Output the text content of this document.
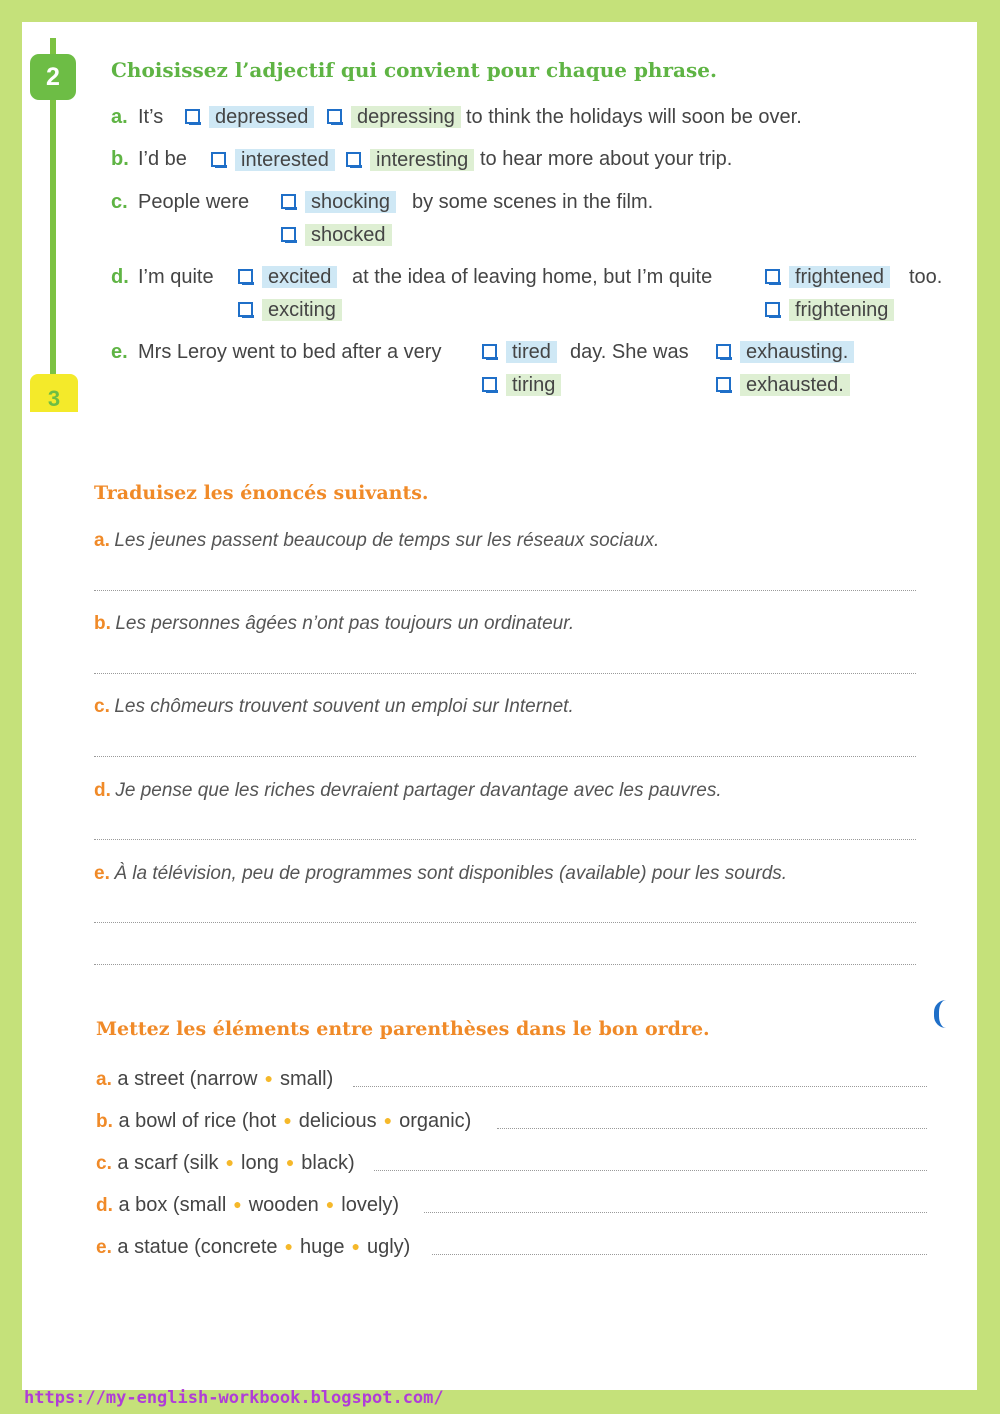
2
3
Choisissez l’adjectif qui convient pour chaque phrase.
a. It’s	depressed	depressing to think the holidays will soon be over.
b. I’d be	interested	interesting to hear more about your trip.
c. People were	shocking
shocked
by some scenes in the film.
d. I’m quite	excited
exciting
at the idea of leaving home, but I’m quite	frightened
frightening
too.
e. Mrs Leroy went to bed after a very	tired
tiring
day. She was	exhausting.
exhausted.
Traduisez les énoncés suivants.
a. Les jeunes passent beaucoup de temps sur les réseaux sociaux.
b. Les personnes âgées n’ont pas toujours un ordinateur.
c. Les chômeurs trouvent souvent un emploi sur Internet.
d. Je pense que les riches devraient partager davantage avec les pauvres.
e. À la télévision, peu de programmes sont disponibles (available) pour les sourds.
Mettez les éléments entre parenthèses dans le bon ordre.
a. a street (narrow ● small)
b. a bowl of rice (hot ● delicious ● organic)
c. a scarf (silk ● long ● black)
d. a box (small ● wooden ● lovely)
e. a statue (concrete ● huge ● ugly)
https://my-english-workbook.blogspot.com/
